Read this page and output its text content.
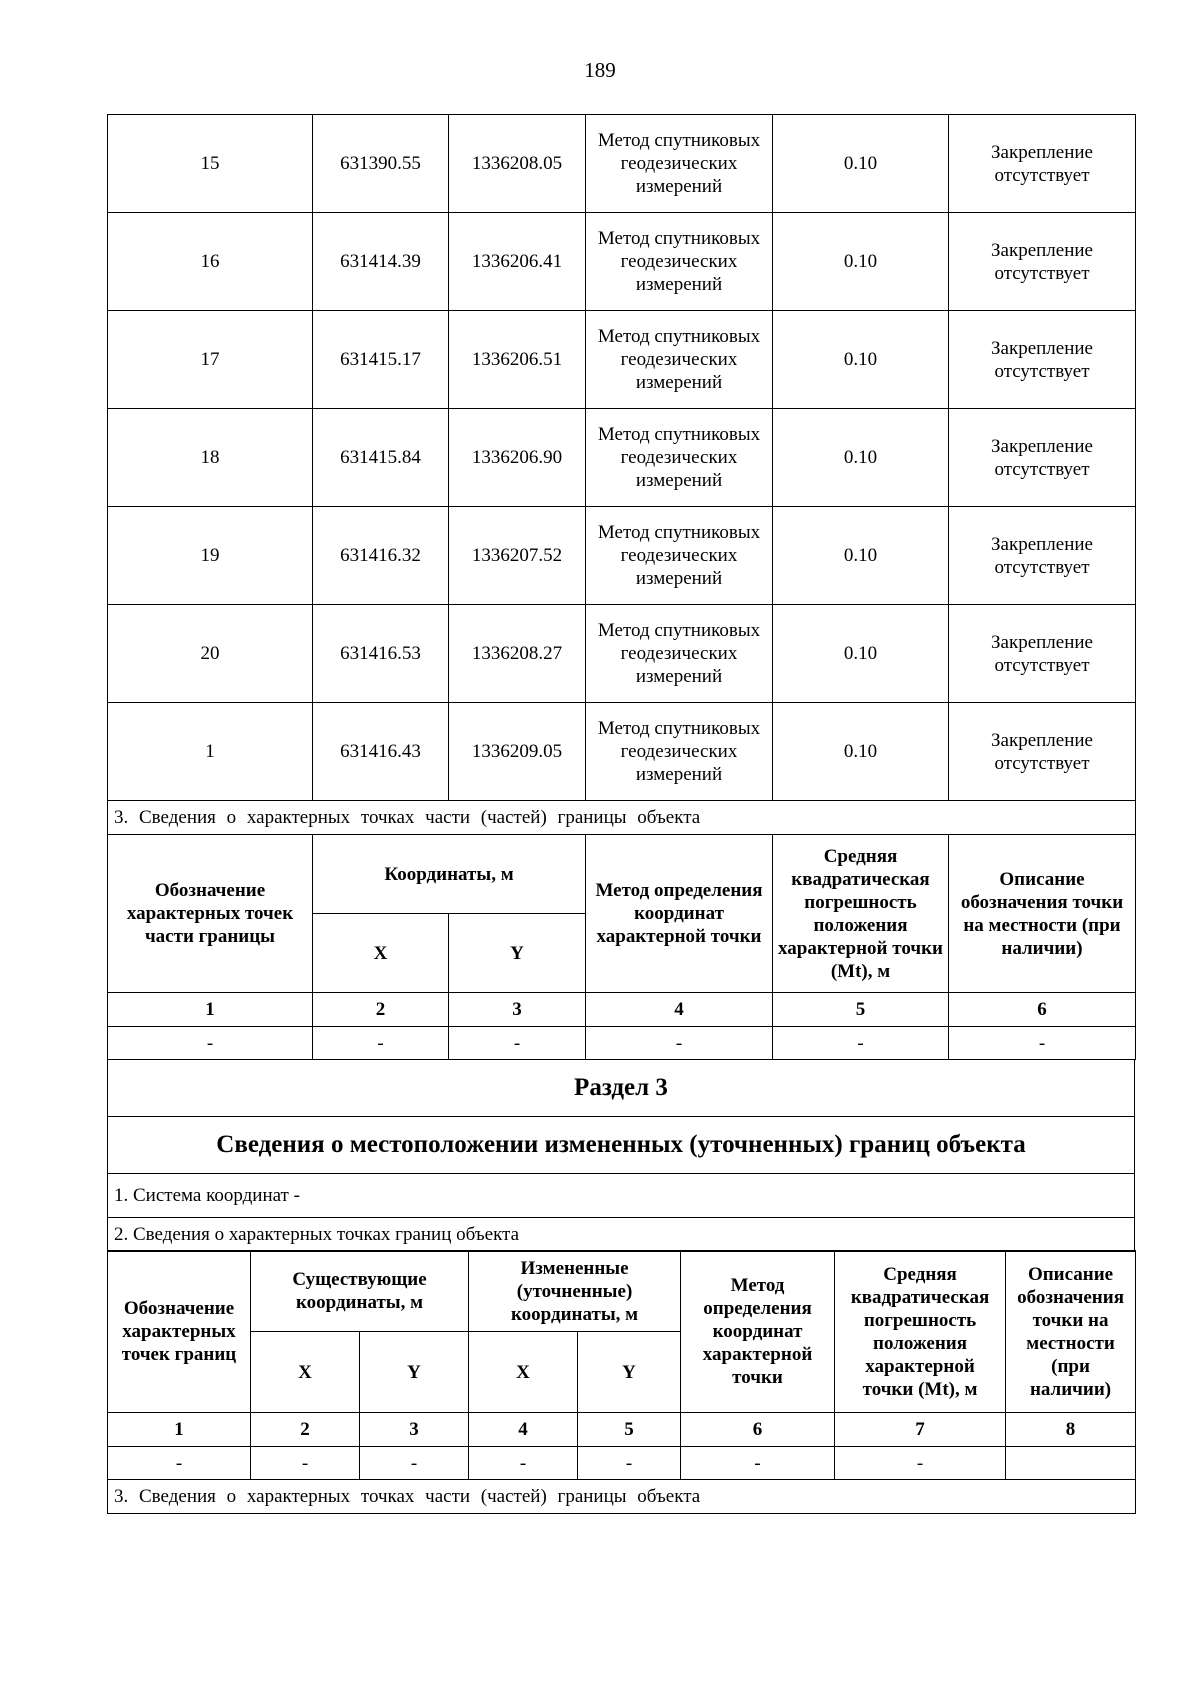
189
15	631390.55	1336208.05	Метод спутниковых геодезических измерений	0.10	Закрепление отсутствует
16	631414.39	1336206.41	Метод спутниковых геодезических измерений	0.10	Закрепление отсутствует
17	631415.17	1336206.51	Метод спутниковых геодезических измерений	0.10	Закрепление отсутствует
18	631415.84	1336206.90	Метод спутниковых геодезических измерений	0.10	Закрепление отсутствует
19	631416.32	1336207.52	Метод спутниковых геодезических измерений	0.10	Закрепление отсутствует
20	631416.53	1336208.27	Метод спутниковых геодезических измерений	0.10	Закрепление отсутствует
1	631416.43	1336209.05	Метод спутниковых геодезических измерений	0.10	Закрепление отсутствует
3. Сведения о характерных точках части (частей) границы объекта					
Обозначение характерных точек части границы	Координаты, м		Метод определения координат характерной точки	Средняя квадратическая погрешность положения характерной точки (Mt), м	Описание обозначения точки на местности (при наличии)
	X	Y			
1	2	3	4	5	6
-	-	-	-	-	-
Раздел 3
Сведения о местоположении измененных (уточненных) границ объекта
1. Система координат -
2. Сведения о характерных точках границ объекта
Обозначение характерных точек границ	Существующие координаты, м		Измененные (уточненные) координаты, м		Метод определения координат характерной точки	Средняя квадратическая погрешность положения характерной точки (Mt), м	Описание обозначения точки на местности (при наличии)
	X	Y	X	Y			
1	2	3	4	5	6	7	8
-	-	-	-	-	-	-	
3. Сведения о характерных точках части (частей) границы объекта							
